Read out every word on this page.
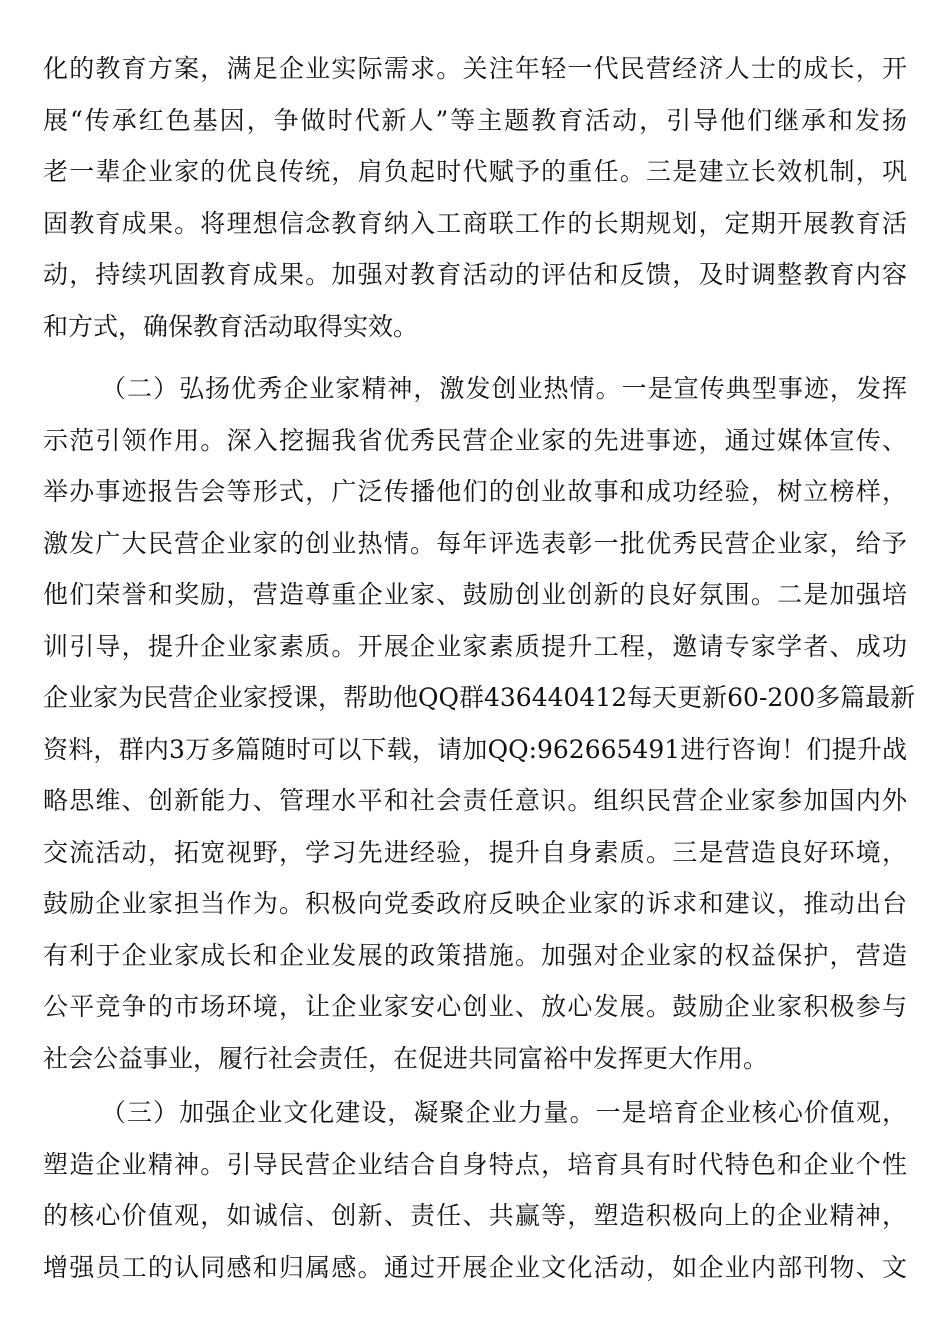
化的教育方案，满足企业实际需求。关注年轻一代民营经济人士的成长，开
展“传承红色基因，争做时代新人”等主题教育活动，引导他们继承和发扬
老一辈企业家的优良传统，肩负起时代赋予的重任。三是建立长效机制，巩
固教育成果。将理想信念教育纳入工商联工作的长期规划，定期开展教育活
动，持续巩固教育成果。加强对教育活动的评估和反馈，及时调整教育内容
和方式，确保教育活动取得实效。
（二）弘扬优秀企业家精神，激发创业热情。一是宣传典型事迹，发挥
示范引领作用。深入挖掘我省优秀民营企业家的先进事迹，通过媒体宣传、
举办事迹报告会等形式，广泛传播他们的创业故事和成功经验，树立榜样，
激发广大民营企业家的创业热情。每年评选表彰一批优秀民营企业家，给予
他们荣誉和奖励，营造尊重企业家、鼓励创业创新的良好氛围。二是加强培
训引导，提升企业家素质。开展企业家素质提升工程，邀请专家学者、成功
企业家为民营企业家授课，帮助他QQ群436440412每天更新60-200多篇最新
资料，群内3万多篇随时可以下载，请加QQ:962665491进行咨询！们提升战
略思维、创新能力、管理水平和社会责任意识。组织民营企业家参加国内外
交流活动，拓宽视野，学习先进经验，提升自身素质。三是营造良好环境，
鼓励企业家担当作为。积极向党委政府反映企业家的诉求和建议，推动出台
有利于企业家成长和企业发展的政策措施。加强对企业家的权益保护，营造
公平竞争的市场环境，让企业家安心创业、放心发展。鼓励企业家积极参与
社会公益事业，履行社会责任，在促进共同富裕中发挥更大作用。
（三）加强企业文化建设，凝聚企业力量。一是培育企业核心价值观，
塑造企业精神。引导民营企业结合自身特点，培育具有时代特色和企业个性
的核心价值观，如诚信、创新、责任、共赢等，塑造积极向上的企业精神，
增强员工的认同感和归属感。通过开展企业文化活动，如企业内部刊物、文
